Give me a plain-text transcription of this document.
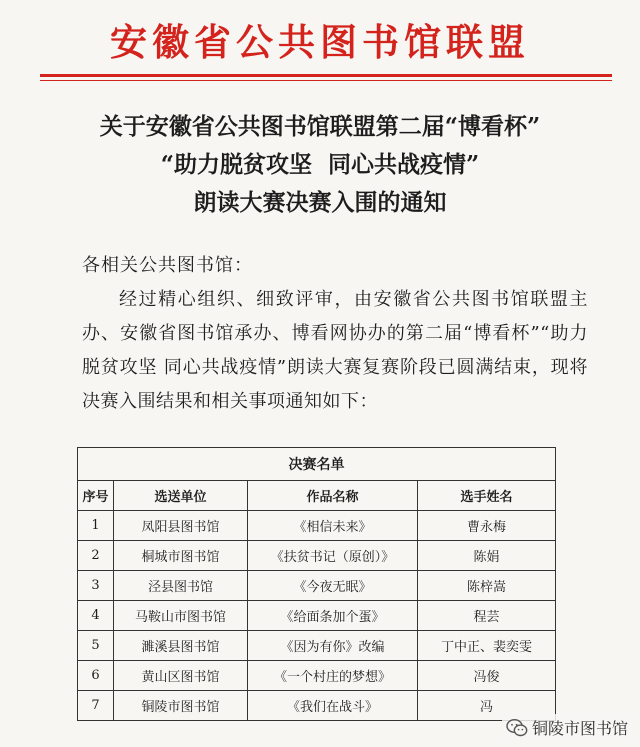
安徽省公共图书馆联盟
关于安徽省公共图书馆联盟第二届“博看杯”
“助力脱贫攻坚  同心共战疫情”
朗读大赛决赛入围的通知
各相关公共图书馆：
经过精心组织、细致评审，由安徽省公共图书馆联盟主办、安徽省图书馆承办、博看网协办的第二届“博看杯”“助力脱贫攻坚 同心共战疫情”朗读大赛复赛阶段已圆满结束，现将决赛入围结果和相关事项通知如下：
决赛名单			
序号	选送单位	作品名称	选手姓名
1	凤阳县图书馆	《相信未来》	曹永梅
2	桐城市图书馆	《扶贫书记（原创）》	陈娟
3	泾县图书馆	《今夜无眠》	陈梓嵩
4	马鞍山市图书馆	《给面条加个蛋》	程芸
5	濉溪县图书馆	《因为有你》改编	丁中正、裴奕雯
6	黄山区图书馆	《一个村庄的梦想》	冯俊
7	铜陵市图书馆	《我们在战斗》	冯
铜陵市图书馆
